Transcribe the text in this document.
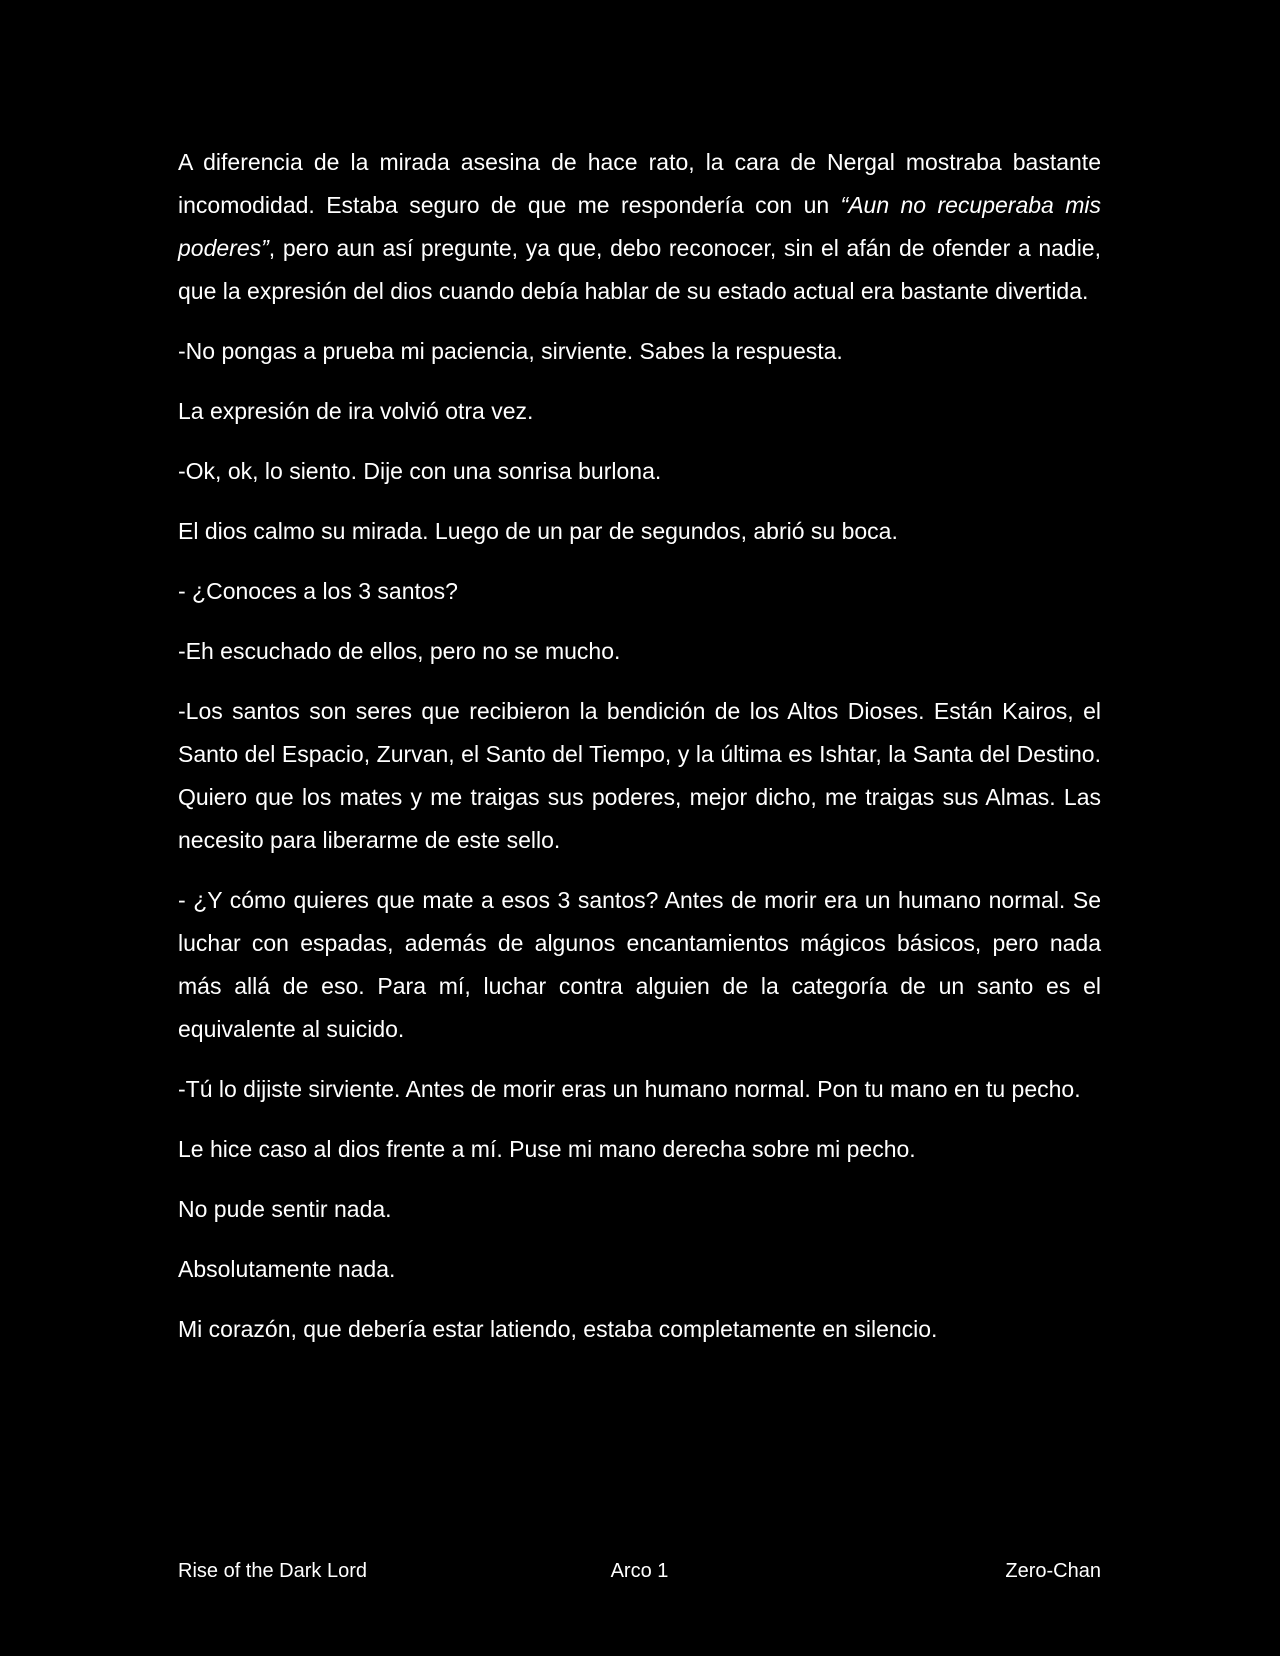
A diferencia de la mirada asesina de hace rato, la cara de Nergal mostraba bastante incomodidad. Estaba seguro de que me respondería con un “Aun no recuperaba mis poderes”, pero aun así pregunte, ya que, debo reconocer, sin el afán de ofender a nadie, que la expresión del dios cuando debía hablar de su estado actual era bastante divertida.

-No pongas a prueba mi paciencia, sirviente. Sabes la respuesta.

La expresión de ira volvió otra vez.

-Ok, ok, lo siento. Dije con una sonrisa burlona.

El dios calmo su mirada. Luego de un par de segundos, abrió su boca.

- ¿Conoces a los 3 santos?

-Eh escuchado de ellos, pero no se mucho.

-Los santos son seres que recibieron la bendición de los Altos Dioses. Están Kairos, el Santo del Espacio, Zurvan, el Santo del Tiempo, y la última es Ishtar, la Santa del Destino. Quiero que los mates y me traigas sus poderes, mejor dicho, me traigas sus Almas. Las necesito para liberarme de este sello.

- ¿Y cómo quieres que mate a esos 3 santos? Antes de morir era un humano normal. Se luchar con espadas, además de algunos encantamientos mágicos básicos, pero nada más allá de eso. Para mí, luchar contra alguien de la categoría de un santo es el equivalente al suicido.

-Tú lo dijiste sirviente. Antes de morir eras un humano normal. Pon tu mano en tu pecho.

Le hice caso al dios frente a mí. Puse mi mano derecha sobre mi pecho.

No pude sentir nada.

Absolutamente nada.

Mi corazón, que debería estar latiendo, estaba completamente en silencio.

Rise of the Dark Lord	Arco 1	Zero-Chan
